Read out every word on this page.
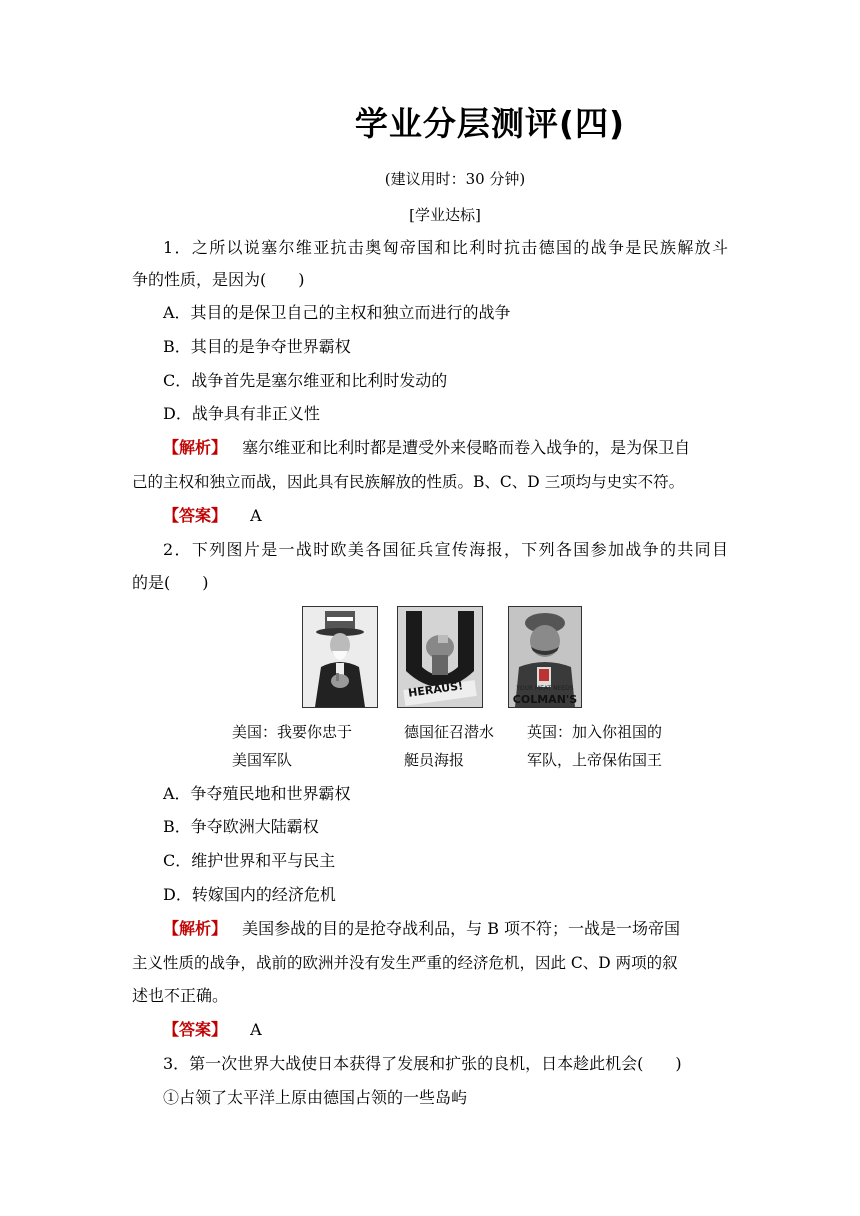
学业分层测评(四)
(建议用时：30 分钟)
[学业达标]
1．之所以说塞尔维亚抗击奥匈帝国和比利时抗击德国的战争是民族解放斗
争的性质，是因为(　　)
A．其目的是保卫自己的主权和独立而进行的战争
B．其目的是争夺世界霸权
C．战争首先是塞尔维亚和比利时发动的
D．战争具有非正义性
【解析】 塞尔维亚和比利时都是遭受外来侵略而卷入战争的，是为保卫自
己的主权和独立而战，因此具有民族解放的性质。B、C、D 三项均与史实不符。
【答案】 A
2．下列图片是一战时欧美各国征兵宣传海报，下列各国参加战争的共同目
的是(　　)
HERAUS!	YOUR MEAT NEEDS
COLMAN'S
美国：我要你忠于
美国军队
德国征召潜水
艇员海报
英国：加入你祖国的
军队，上帝保佑国王
A．争夺殖民地和世界霸权
B．争夺欧洲大陆霸权
C．维护世界和平与民主
D．转嫁国内的经济危机
【解析】 美国参战的目的是抢夺战利品，与 B 项不符；一战是一场帝国
主义性质的战争，战前的欧洲并没有发生严重的经济危机，因此 C、D 两项的叙
述也不正确。
【答案】 A
3．第一次世界大战使日本获得了发展和扩张的良机，日本趁此机会(　　)
①占领了太平洋上原由德国占领的一些岛屿
